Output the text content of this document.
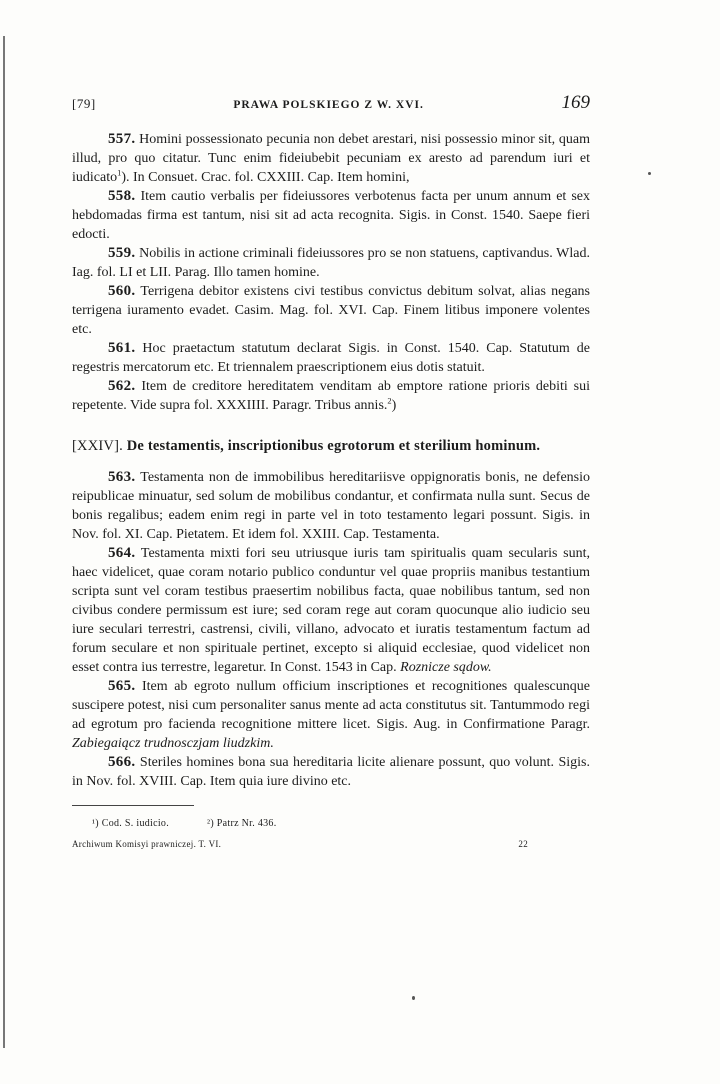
[79]	PRAWA POLSKIEGO Z W. XVI.	169

557. Homini possessionato pecunia non debet arestari, nisi possessio minor sit, quam illud, pro quo citatur. Tunc enim fideiubebit pecuniam ex aresto ad parendum iuri et iudicato$^1$). In Consuet. Crac. fol. CXXIII. Cap. Item homini,

558. Item cautio verbalis per fideiussores verbotenus facta per unum annum et sex hebdomadas firma est tantum, nisi sit ad acta recognita. Sigis. in Const. 1540. Saepe fieri edocti.

559. Nobilis in actione criminali fideiussores pro se non statuens, captivandus. Wlad. Iag. fol. LI et LII. Parag. Illo tamen homine.

560. Terrigena debitor existens civi testibus convictus debitum solvat, alias negans terrigena iuramento evadet. Casim. Mag. fol. XVI. Cap. Finem litibus imponere volentes etc.

561. Hoc praetactum statutum declarat Sigis. in Const. 1540. Cap. Statutum de regestris mercatorum etc. Et triennalem praescriptionem eius dotis statuit.

562. Item de creditore hereditatem venditam ab emptore ratione prioris debiti sui repetente. Vide supra fol. XXXIIII. Paragr. Tribus annis.$^2$)

[XXIV]. De testamentis, inscriptionibus egrotorum et sterilium hominum.

563. Testamenta non de immobilibus hereditariisve oppignoratis bonis, ne defensio reipublicae minuatur, sed solum de mobilibus condantur, et confirmata nulla sunt. Secus de bonis regalibus; eadem enim regi in parte vel in toto testamento legari possunt. Sigis. in Nov. fol. XI. Cap. Pietatem. Et idem fol. XXIII. Cap. Testamenta.

564. Testamenta mixti fori seu utriusque iuris tam spiritualis quam secularis sunt, haec videlicet, quae coram notario publico conduntur vel quae propriis manibus testantium scripta sunt vel coram testibus praesertim nobilibus facta, quae nobilibus tantum, sed non civibus condere permissum est iure; sed coram rege aut coram quocunque alio iudicio seu iure seculari terrestri, castrensi, civili, villano, advocato et iuratis testamentum factum ad forum seculare et non spirituale pertinet, excepto si aliquid ecclesiae, quod videlicet non esset contra ius terrestre, legaretur. In Const. 1543 in Cap. Roznicze sądow.

565. Item ab egroto nullum officium inscriptiones et recognitiones qualescunque suscipere potest, nisi cum personaliter sanus mente ad acta constitutus sit. Tantummodo regi ad egrotum pro facienda recognitione mittere licet. Sigis. Aug. in Confirmatione Paragr. Zabiegaiącz trudnosczjam liudzkim.

566. Steriles homines bona sua hereditaria licite alienare possunt, quo volunt. Sigis. in Nov. fol. XVIII. Cap. Item quia iure divino etc.

¹) Cod. S. iudicio.	²) Patrz Nr. 436.
Archiwum Komisyi prawniczej. T. VI.	22
